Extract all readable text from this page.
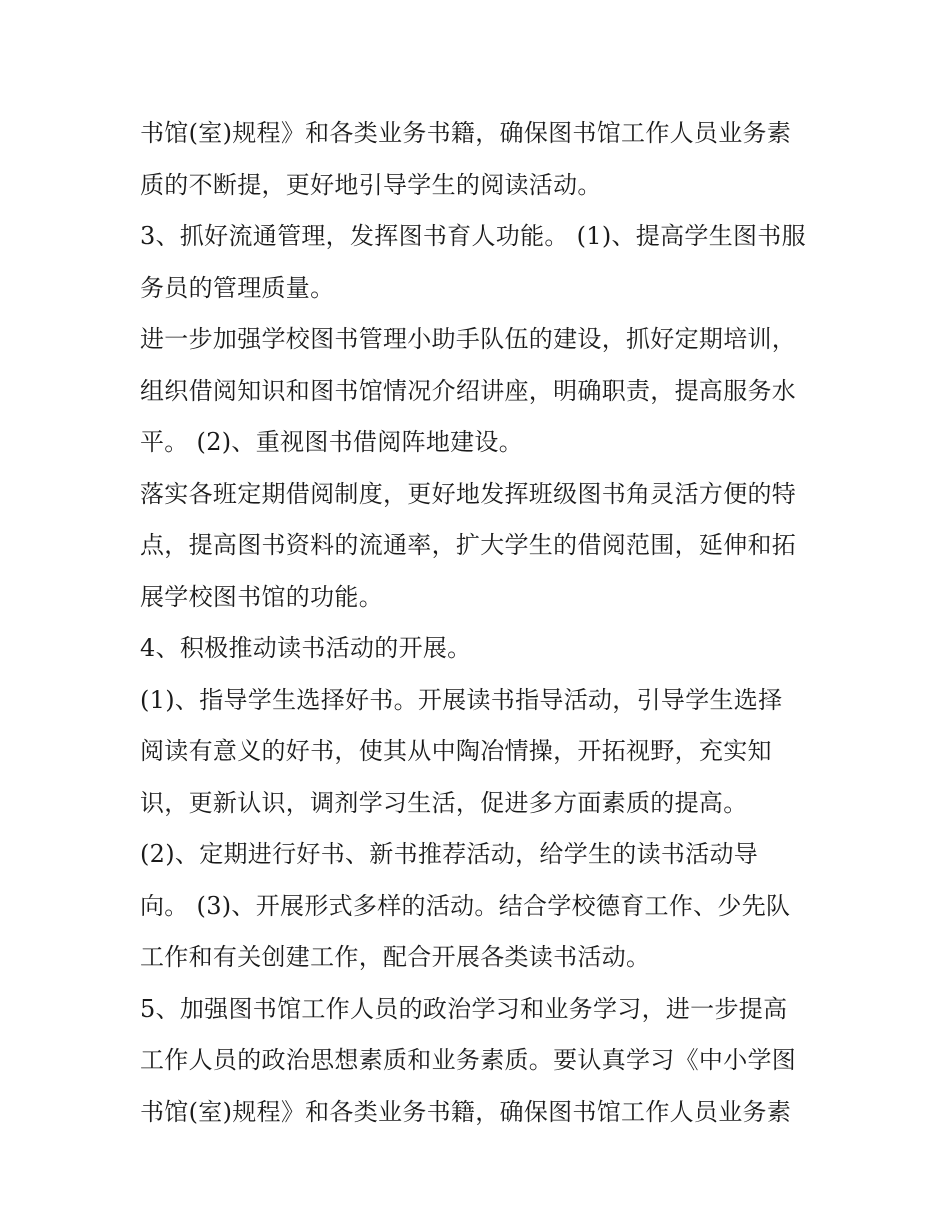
书馆(室)规程》和各类业务书籍，确保图书馆工作人员业务素
质的不断提，更好地引导学生的阅读活动。
3、抓好流通管理，发挥图书育人功能。 (1)、提高学生图书服
务员的管理质量。
进一步加强学校图书管理小助手队伍的建设，抓好定期培训，
组织借阅知识和图书馆情况介绍讲座，明确职责，提高服务水
平。 (2)、重视图书借阅阵地建设。
落实各班定期借阅制度，更好地发挥班级图书角灵活方便的特
点，提高图书资料的流通率，扩大学生的借阅范围，延伸和拓
展学校图书馆的功能。
4、积极推动读书活动的开展。
(1)、指导学生选择好书。开展读书指导活动，引导学生选择
阅读有意义的好书，使其从中陶冶情操，开拓视野，充实知
识，更新认识，调剂学习生活，促进多方面素质的提高。
(2)、定期进行好书、新书推荐活动，给学生的读书活动导
向。 (3)、开展形式多样的活动。结合学校德育工作、少先队
工作和有关创建工作，配合开展各类读书活动。
5、加强图书馆工作人员的政治学习和业务学习，进一步提高
工作人员的政治思想素质和业务素质。要认真学习《中小学图
书馆(室)规程》和各类业务书籍，确保图书馆工作人员业务素
